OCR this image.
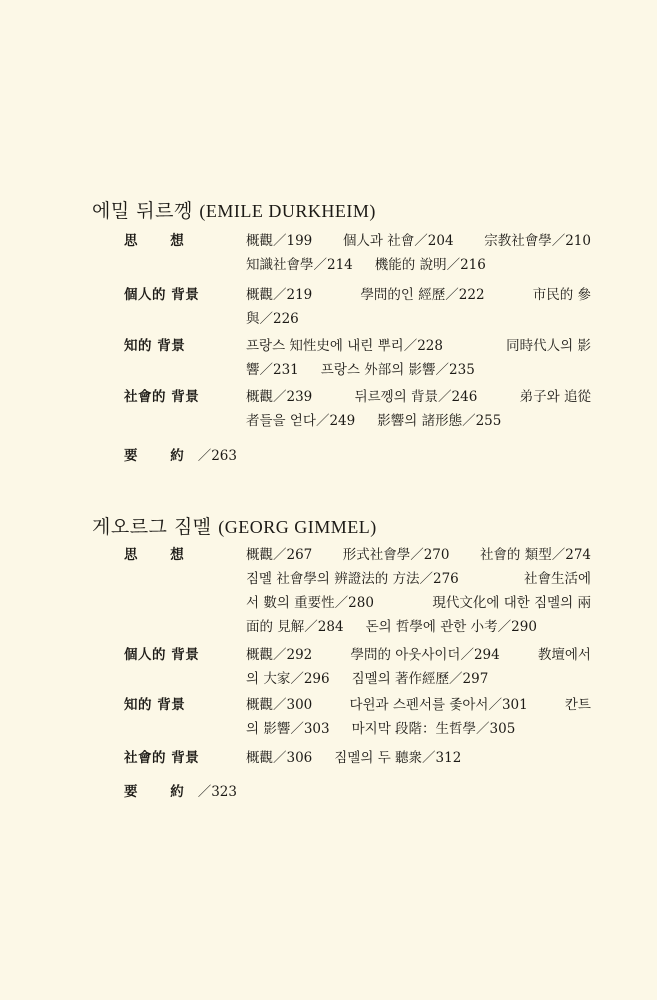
에밀 뒤르껭 (EMILE DURKHEIM)
思 想	概觀／199 個人과 社會／204 宗教社會學／210
知識社會學／214 機能的 說明／216
個人的 背景	概觀／219	學問的인 經歷／222	市民的 參
與／226
知的 背景	프랑스 知性史에 내린 뿌리／228	同時代人의 影
響／231 프랑스 外部의 影響／235
社會的 背景	概觀／239	뒤르껭의 背景／246	弟子와 追從
者들을 얻다／249 影響의 諸形態／255
要 約／263
게오르그 짐멜 (GEORG GIMMEL)
思 想	概觀／267 形式社會學／270 社會的 類型／274
짐멜 社會學의 辨證法的 方法／276	社會生活에
서 數의 重要性／280	現代文化에 대한 짐멜의 兩
面的 見解／284 돈의 哲學에 관한 小考／290
個人的 背景	概觀／292	學問的 아웃사이더／294	教壇에서
의 大家／296 짐멜의 著作經歷／297
知的 背景	概觀／300	다윈과 스펜서를 좇아서／301	칸트
의 影響／303 마지막 段階：生哲學／305
社會的 背景	概觀／306 짐멜의 두 聽衆／312
要 約／323
